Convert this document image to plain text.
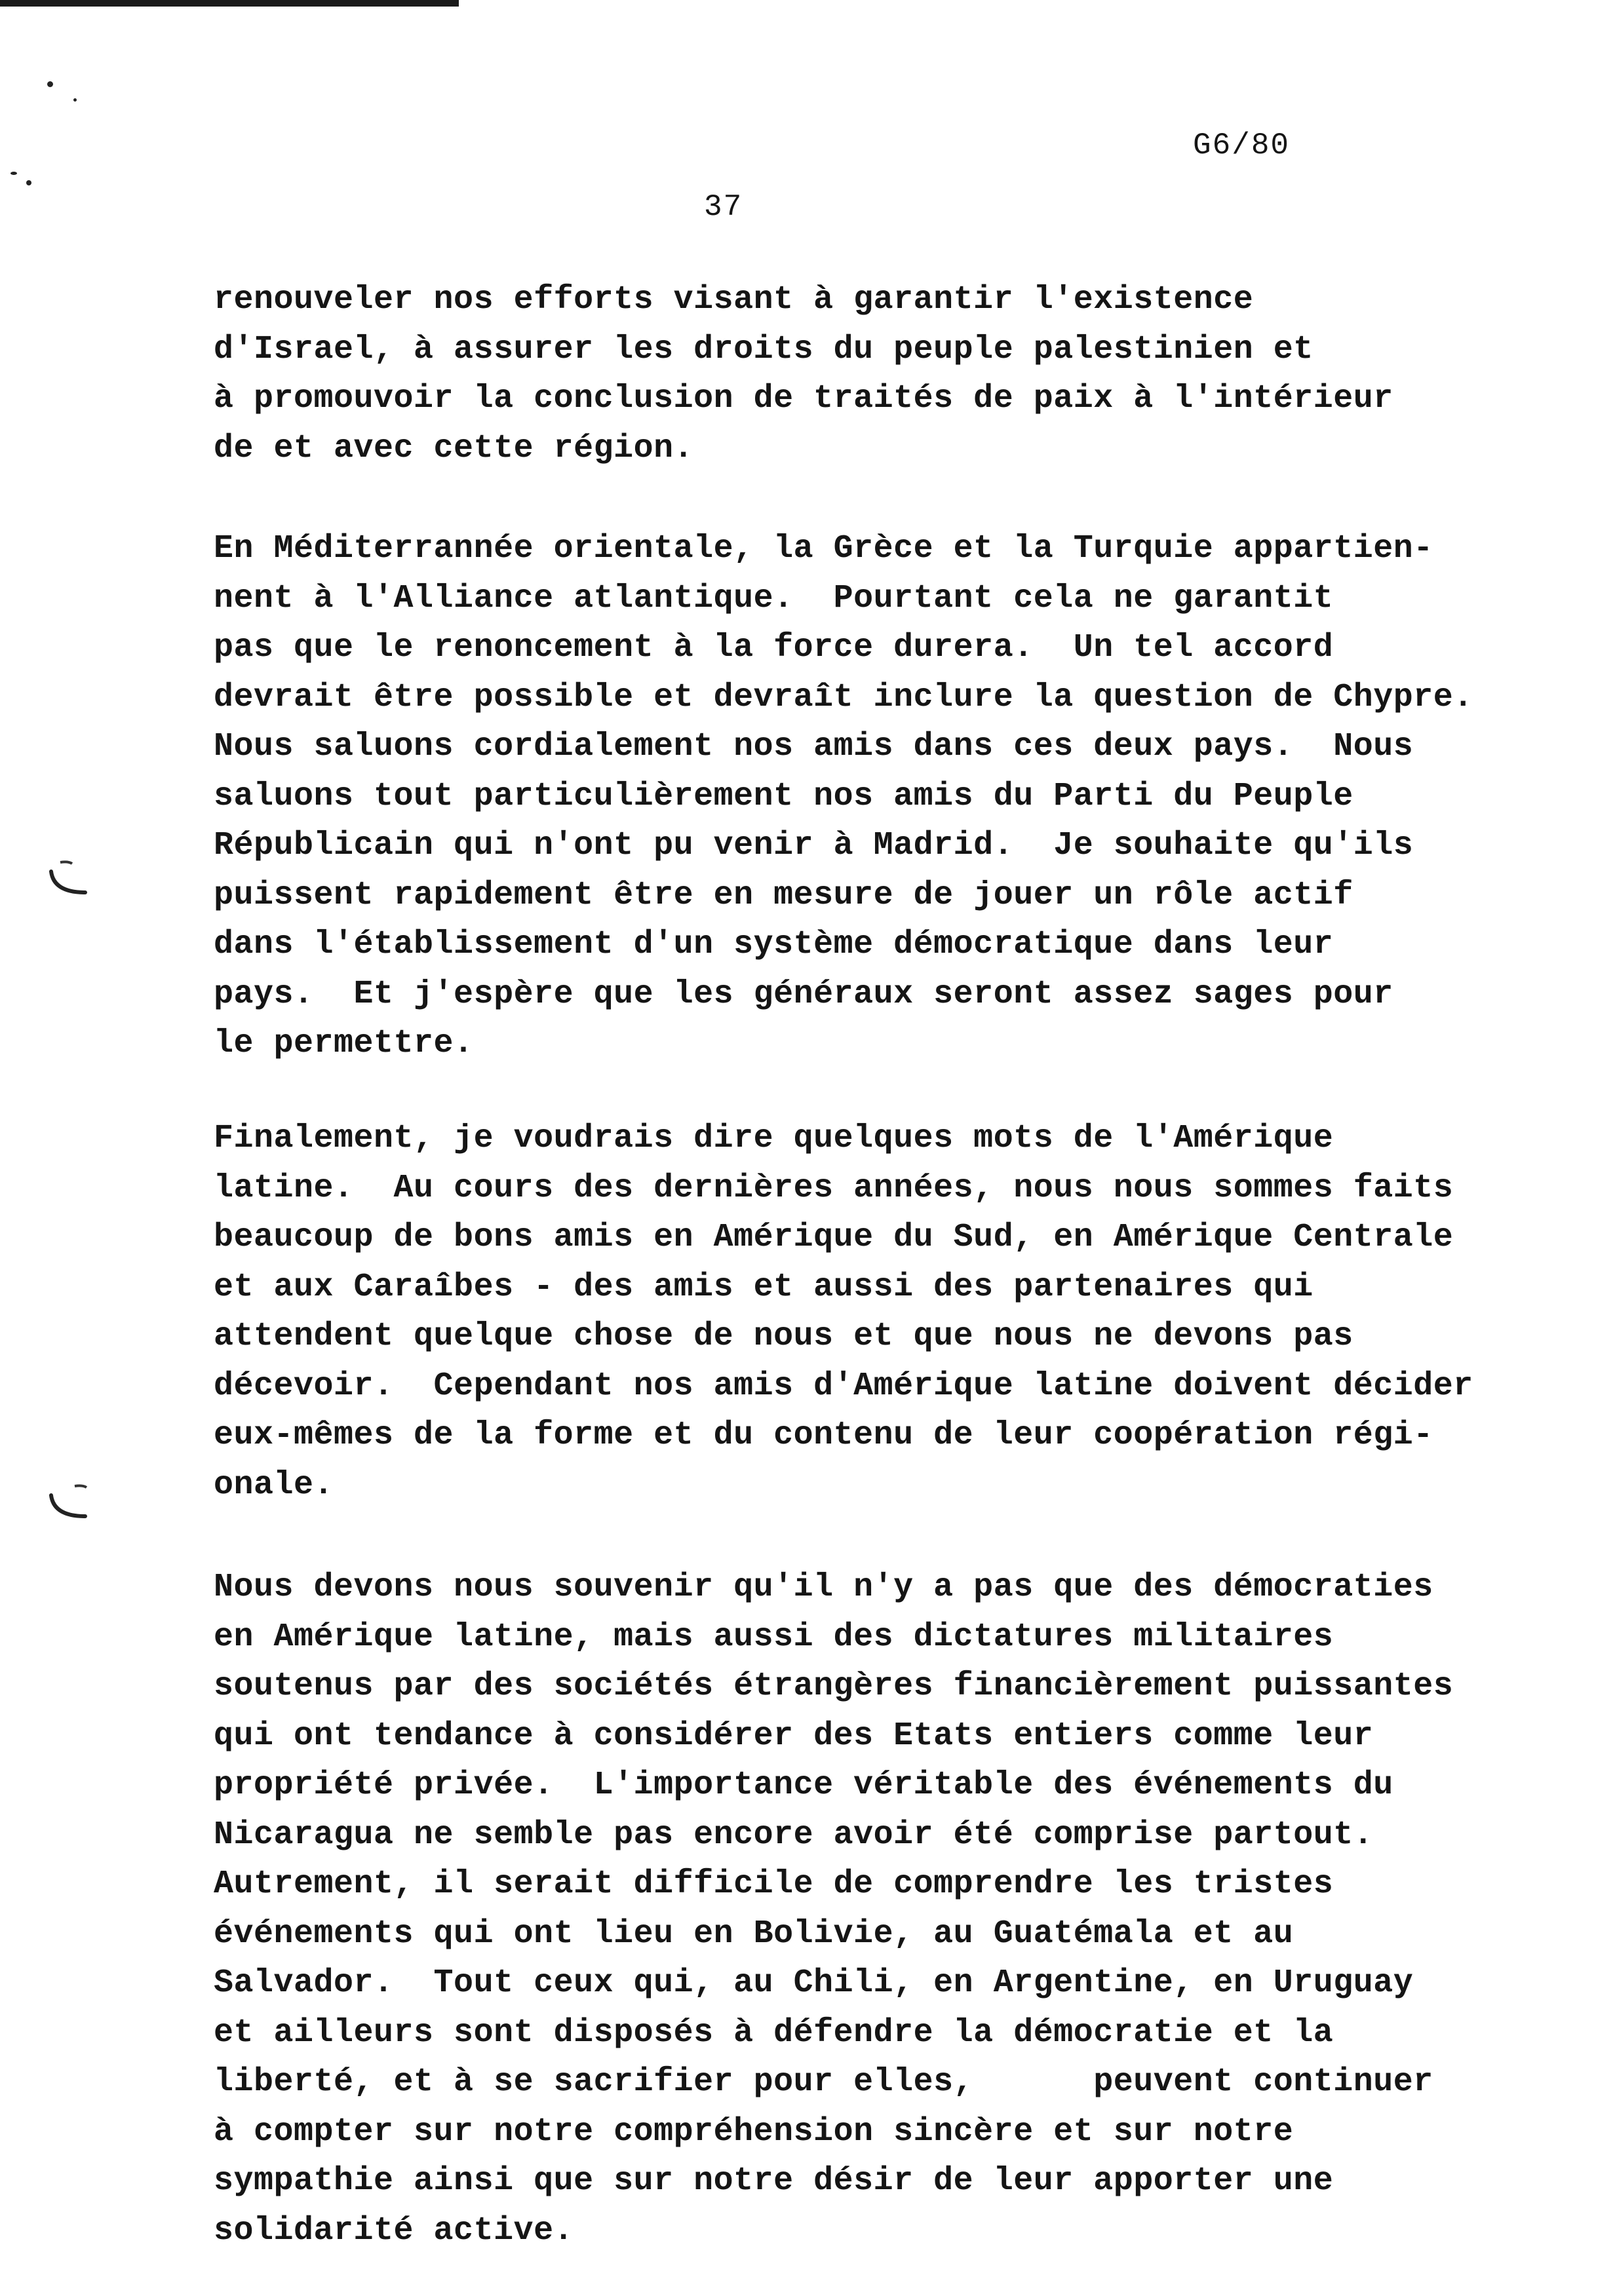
G6/80
37
renouveler nos efforts visant à garantir l'existence
d'Israel, à assurer les droits du peuple palestinien et
à promouvoir la conclusion de traités de paix à l'intérieur
de et avec cette région.
En Méditerrannée orientale, la Grèce et la Turquie appartien-
nent à l'Alliance atlantique.  Pourtant cela ne garantit
pas que le renoncement à la force durera.  Un tel accord
devrait être possible et devraît inclure la question de Chypre.
Nous saluons cordialement nos amis dans ces deux pays.  Nous
saluons tout particulièrement nos amis du Parti du Peuple
Républicain qui n'ont pu venir à Madrid.  Je souhaite qu'ils
puissent rapidement être en mesure de jouer un rôle actif
dans l'établissement d'un système démocratique dans leur
pays.  Et j'espère que les généraux seront assez sages pour
le permettre.
Finalement, je voudrais dire quelques mots de l'Amérique
latine.  Au cours des dernières années, nous nous sommes faits
beaucoup de bons amis en Amérique du Sud, en Amérique Centrale
et aux Caraîbes - des amis et aussi des partenaires qui
attendent quelque chose de nous et que nous ne devons pas
décevoir.  Cependant nos amis d'Amérique latine doivent décider
eux-mêmes de la forme et du contenu de leur coopération régi-
onale.
Nous devons nous souvenir qu'il n'y a pas que des démocraties
en Amérique latine, mais aussi des dictatures militaires
soutenus par des sociétés étrangères financièrement puissantes
qui ont tendance à considérer des Etats entiers comme leur
propriété privée.  L'importance véritable des événements du
Nicaragua ne semble pas encore avoir été comprise partout.
Autrement, il serait difficile de comprendre les tristes
événements qui ont lieu en Bolivie, au Guatémala et au
Salvador.  Tout ceux qui, au Chili, en Argentine, en Uruguay
et ailleurs sont disposés à défendre la démocratie et la
liberté, et à se sacrifier pour elles,      peuvent continuer
à compter sur notre compréhension sincère et sur notre
sympathie ainsi que sur notre désir de leur apporter une
solidarité active.
